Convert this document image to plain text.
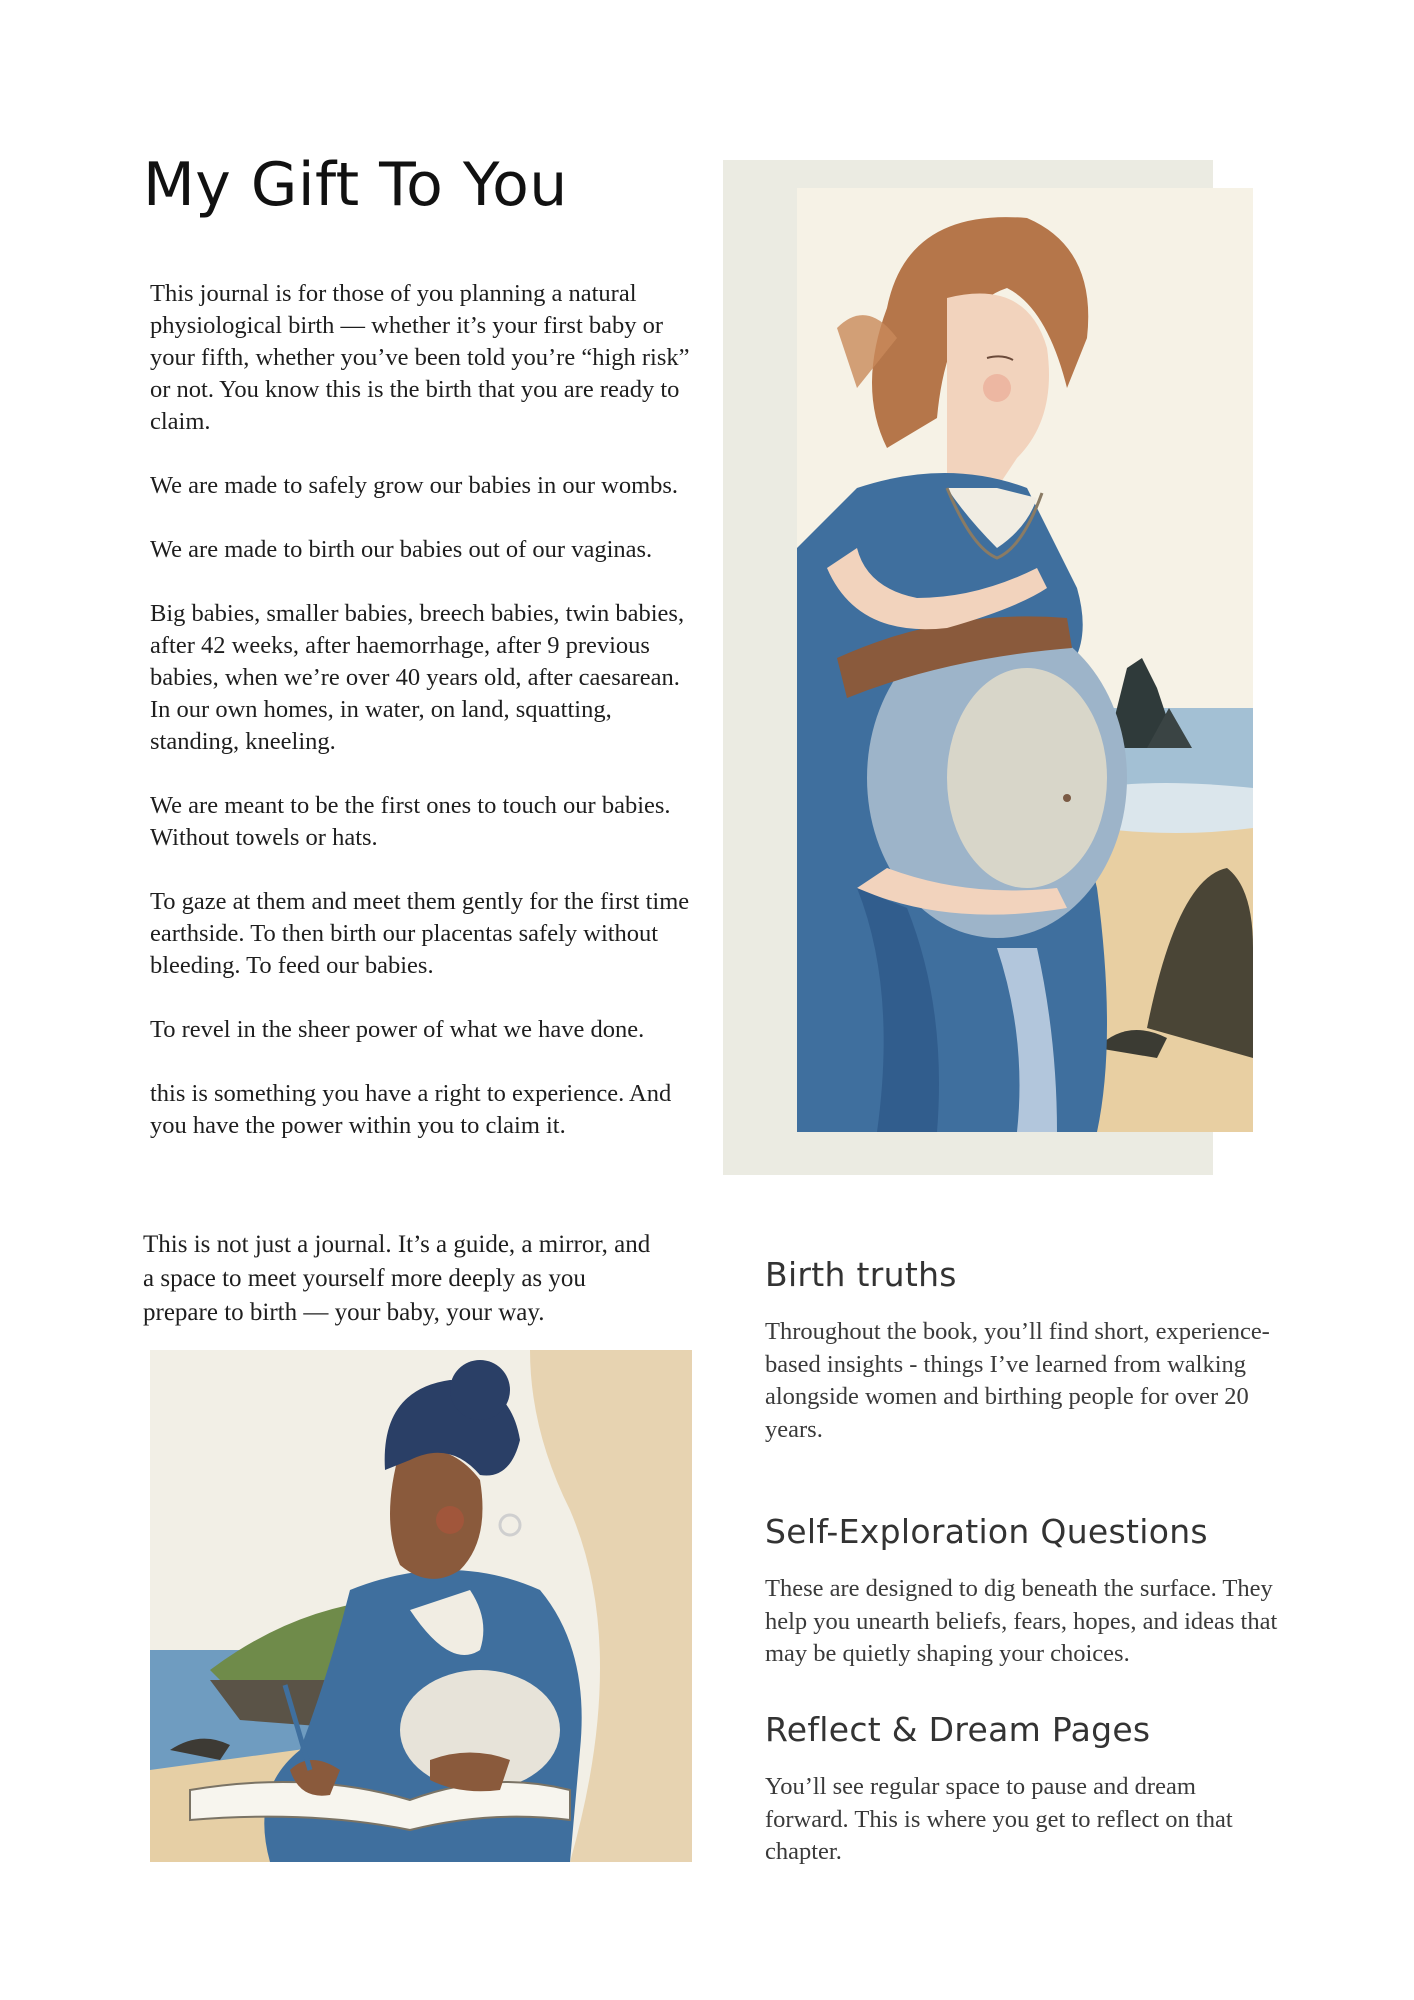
My Gift To You

This journal is for those of you planning a natural physiological birth — whether it’s your first baby or your fifth, whether you’ve been told you’re “high risk” or not. You know this is the birth that you are ready to claim.

We are made to safely grow our babies in our wombs.

We are made to birth our babies out of our vaginas.

Big babies, smaller babies, breech babies, twin babies, after 42 weeks, after haemorrhage, after 9 previous babies, when we’re over 40 years old, after caesarean. In our own homes, in water, on land, squatting, standing, kneeling.

We are meant to be the first ones to touch our babies. Without towels or hats.

To gaze at them and meet them gently for the first time earthside. To then birth our placentas safely without bleeding. To feed our babies.

To revel in the sheer power of what we have done.

this is something you have a right to experience. And you have the power within you to claim it.

This is not just a journal. It’s a guide, a mirror, and a space to meet yourself more deeply as you prepare to birth — your baby, your way.

Birth truths

Throughout the book, you’ll find short, experience-based insights - things I’ve learned from walking alongside women and birthing people for over 20 years.

Self-Exploration Questions

These are designed to dig beneath the surface. They help you unearth beliefs, fears, hopes, and ideas that may be quietly shaping your choices.

Reflect & Dream Pages

You’ll see regular space to pause and dream forward. This is where you get to reflect on that chapter.
